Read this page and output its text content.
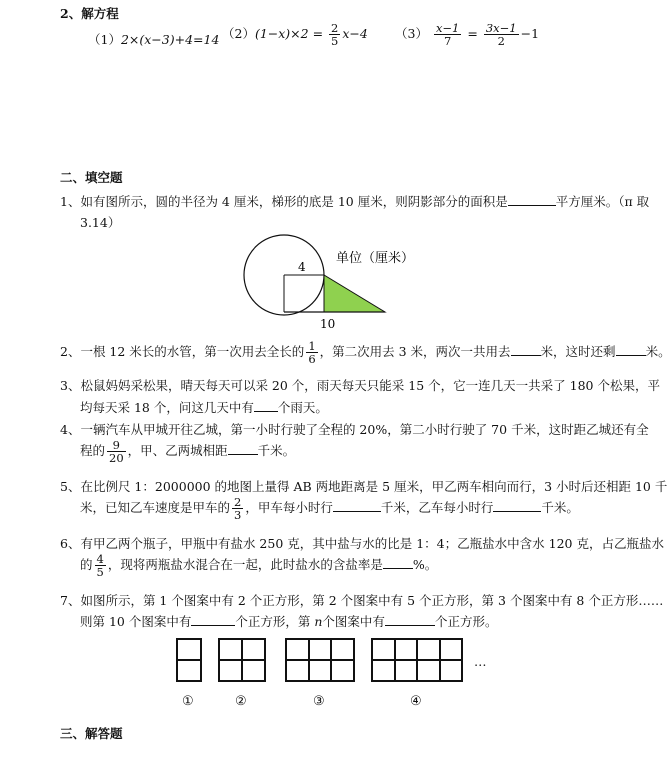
2、解方程
（1）2×(x−3)+4=14 $(2)(1-x)\times 2 = \frac{2}{5} x-4$ $(3) \frac{x-1}{7} = \frac{3x-1}{2} -1$
二、填空题
1、如有图所示，圆的半径为 4 厘米，梯形的底是 10 厘米，则阴影部分的面积是	平方厘米。（π 取
3.14）
单位（厘米）
4
10
2、一根 12 米长的水管，第一次用去全长的 $\frac{1}{6}$ ，第二次用去 3 米，两次一共用去 米，这时还剩 米。
3、松鼠妈妈采松果，晴天每天可以采 20 个，雨天每天只能采 15 个，它一连几天一共采了 180 个松果，平
均每天采 18 个，问这几天中有 个雨天。
4、一辆汽车从甲城开往乙城，第一小时行驶了全程的 20%，第二小时行驶了 70 千米，这时距乙城还有全
程的 $\frac{9}{20}$ ，甲、乙两城相距 千米。
5、在比例尺 1：2000000 的地图上量得 AB 两地距离是 5 厘米，甲乙两车相向而行，3 小时后还相距 10 千
米，已知乙车速度是甲车的 $\frac{2}{3}$ ，甲车每小时行	千米，乙车每小时行	千米。
6、有甲乙两个瓶子，甲瓶中有盐水 250 克，其中盐与水的比是 1：4；乙瓶盐水中含水 120 克，占乙瓶盐水
的 $\frac{4}{5}$ ，现将两瓶盐水混合在一起，此时盐水的含盐率是 %。
7、如图所示，第 1 个图案中有 2 个正方形，第 2 个图案中有 5 个正方形，第 3 个图案中有 8 个正方形……
则第 10 个图案中有	个正方形，第 n个图案中有	个正方形。
…
①	②	③	④
三、解答题
